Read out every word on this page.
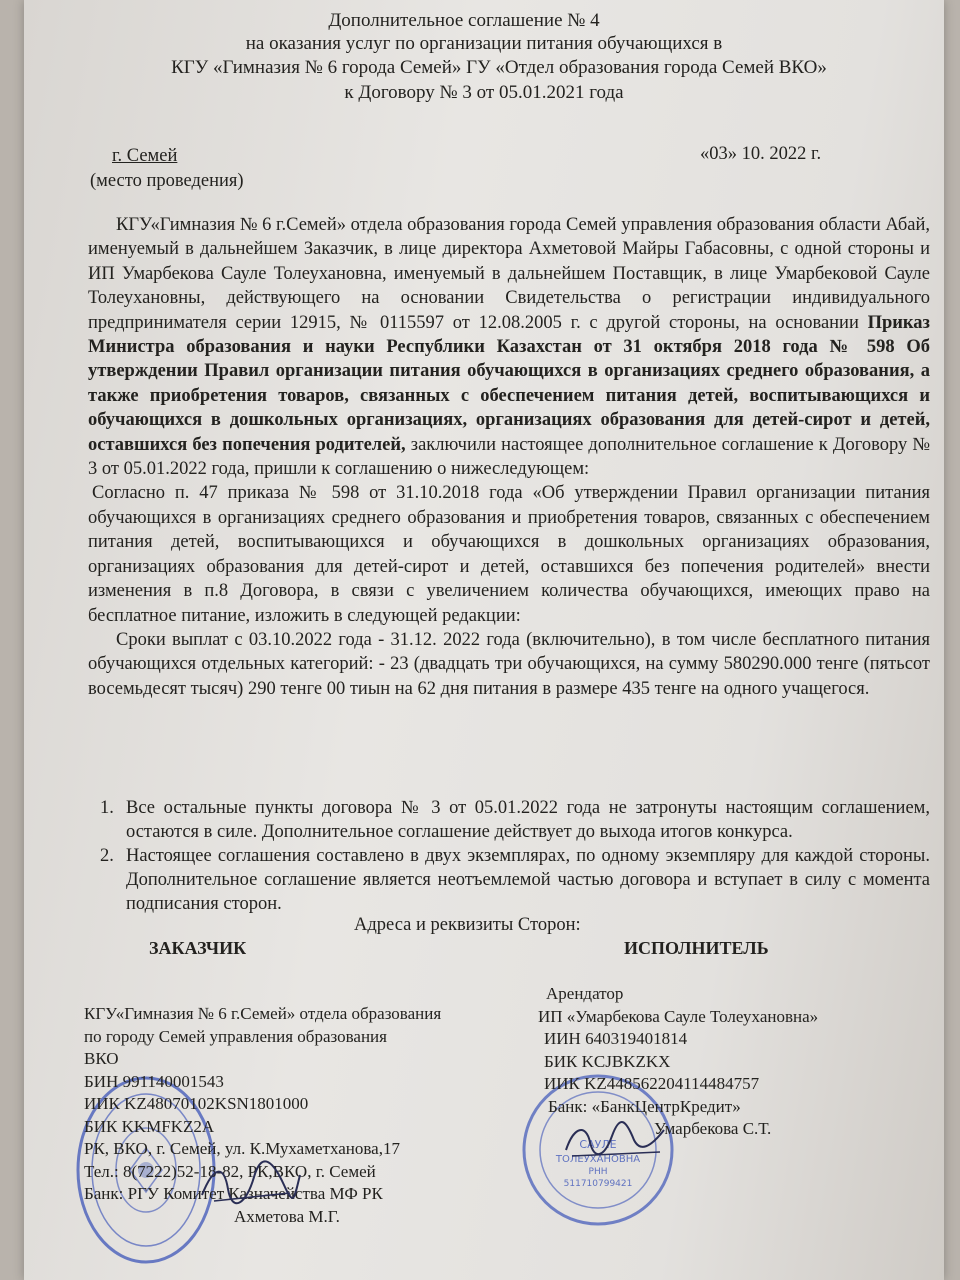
Дополнительное соглашение № 4
на оказания услуг по организации питания обучающихся в
КГУ «Гимназия № 6 города Семей» ГУ «Отдел образования города Семей ВКО»
к Договору № 3 от 05.01.2021 года
г. Семей
(место проведения)
«03» 10. 2022 г.

КГУ«Гимназия № 6 г.Семей» отдела образования города Семей управления образования области Абай, именуемый в дальнейшем Заказчик, в лице директора Ахметовой Майры Габасовны, с одной стороны и ИП Умарбекова Сауле Толеухановна, именуемый в дальнейшем Поставщик, в лице Умарбековой Сауле Толеухановны, действующего на основании Свидетельства о регистрации индивидуального предпринимателя серии 12915, № 0115597 от 12.08.2005 г. с другой стороны, на основании Приказ Министра образования и науки Республики Казахстан от 31 октября 2018 года № 598 Об утверждении Правил организации питания обучающихся в организациях среднего образования, а также приобретения товаров, связанных с обеспечением питания детей, воспитывающихся и обучающихся в дошкольных организациях, организациях образования для детей-сирот и детей, оставшихся без попечения родителей, заключили настоящее дополнительное соглашение к Договору № 3 от 05.01.2022 года, пришли к соглашению о нижеследующем:

Согласно п. 47 приказа № 598 от 31.10.2018 года «Об утверждении Правил организации питания обучающихся в организациях среднего образования и приобретения товаров, связанных с обеспечением питания детей, воспитывающихся и обучающихся в дошкольных организациях образования, организациях образования для детей-сирот и детей, оставшихся без попечения родителей» внести изменения в п.8 Договора, в связи с увеличением количества обучающихся, имеющих право на бесплатное питание, изложить в следующей редакции:

Сроки выплат с 03.10.2022 года - 31.12. 2022 года (включительно), в том числе бесплатного питания обучающихся отдельных категорий: - 23 (двадцать три обучающихся, на сумму 580290.000 тенге (пятьсот восемьдесят тысяч) 290 тенге 00 тиын на 62 дня питания в размере 435 тенге на одного учащегося.

1. Все остальные пункты договора № 3 от 05.01.2022 года не затронуты настоящим соглашением, остаются в силе. Дополнительное соглашение действует до выхода итогов конкурса.

2. Настоящее соглашения составлено в двух экземплярах, по одному экземпляру для каждой стороны. Дополнительное соглашение является неотъемлемой частью договора и вступает в силу с момента подписания сторон.

Адреса и реквизиты Сторон:
ЗАКАЗЧИК	ИСПОЛНИТЕЛЬ
КГУ«Гимназия № 6 г.Семей» отдела образования
по городу Семей управления образования
ВКО
БИН 991140001543
ИИК KZ48070102KSN1801000
БИК KKMFKZ2A
РК, ВКО, г. Семей, ул. К.Мухаметханова,17
Тел.: 8(7222)52-18-82, РК,ВКО, г. Семей
Банк: РГУ Комитет Казначейства МФ РК
Ахметова М.Г.
САУЛЕ
ТОЛЕУХАНОВНА
РНН
511710799421
Арендатор
ИП «Умарбекова Сауле Толеухановна»
ИИН 640319401814
БИК KCJBKZKX
ИИК KZ448562204114484757
Банк: «БанкЦентрКредит»
Умарбекова С.Т.
